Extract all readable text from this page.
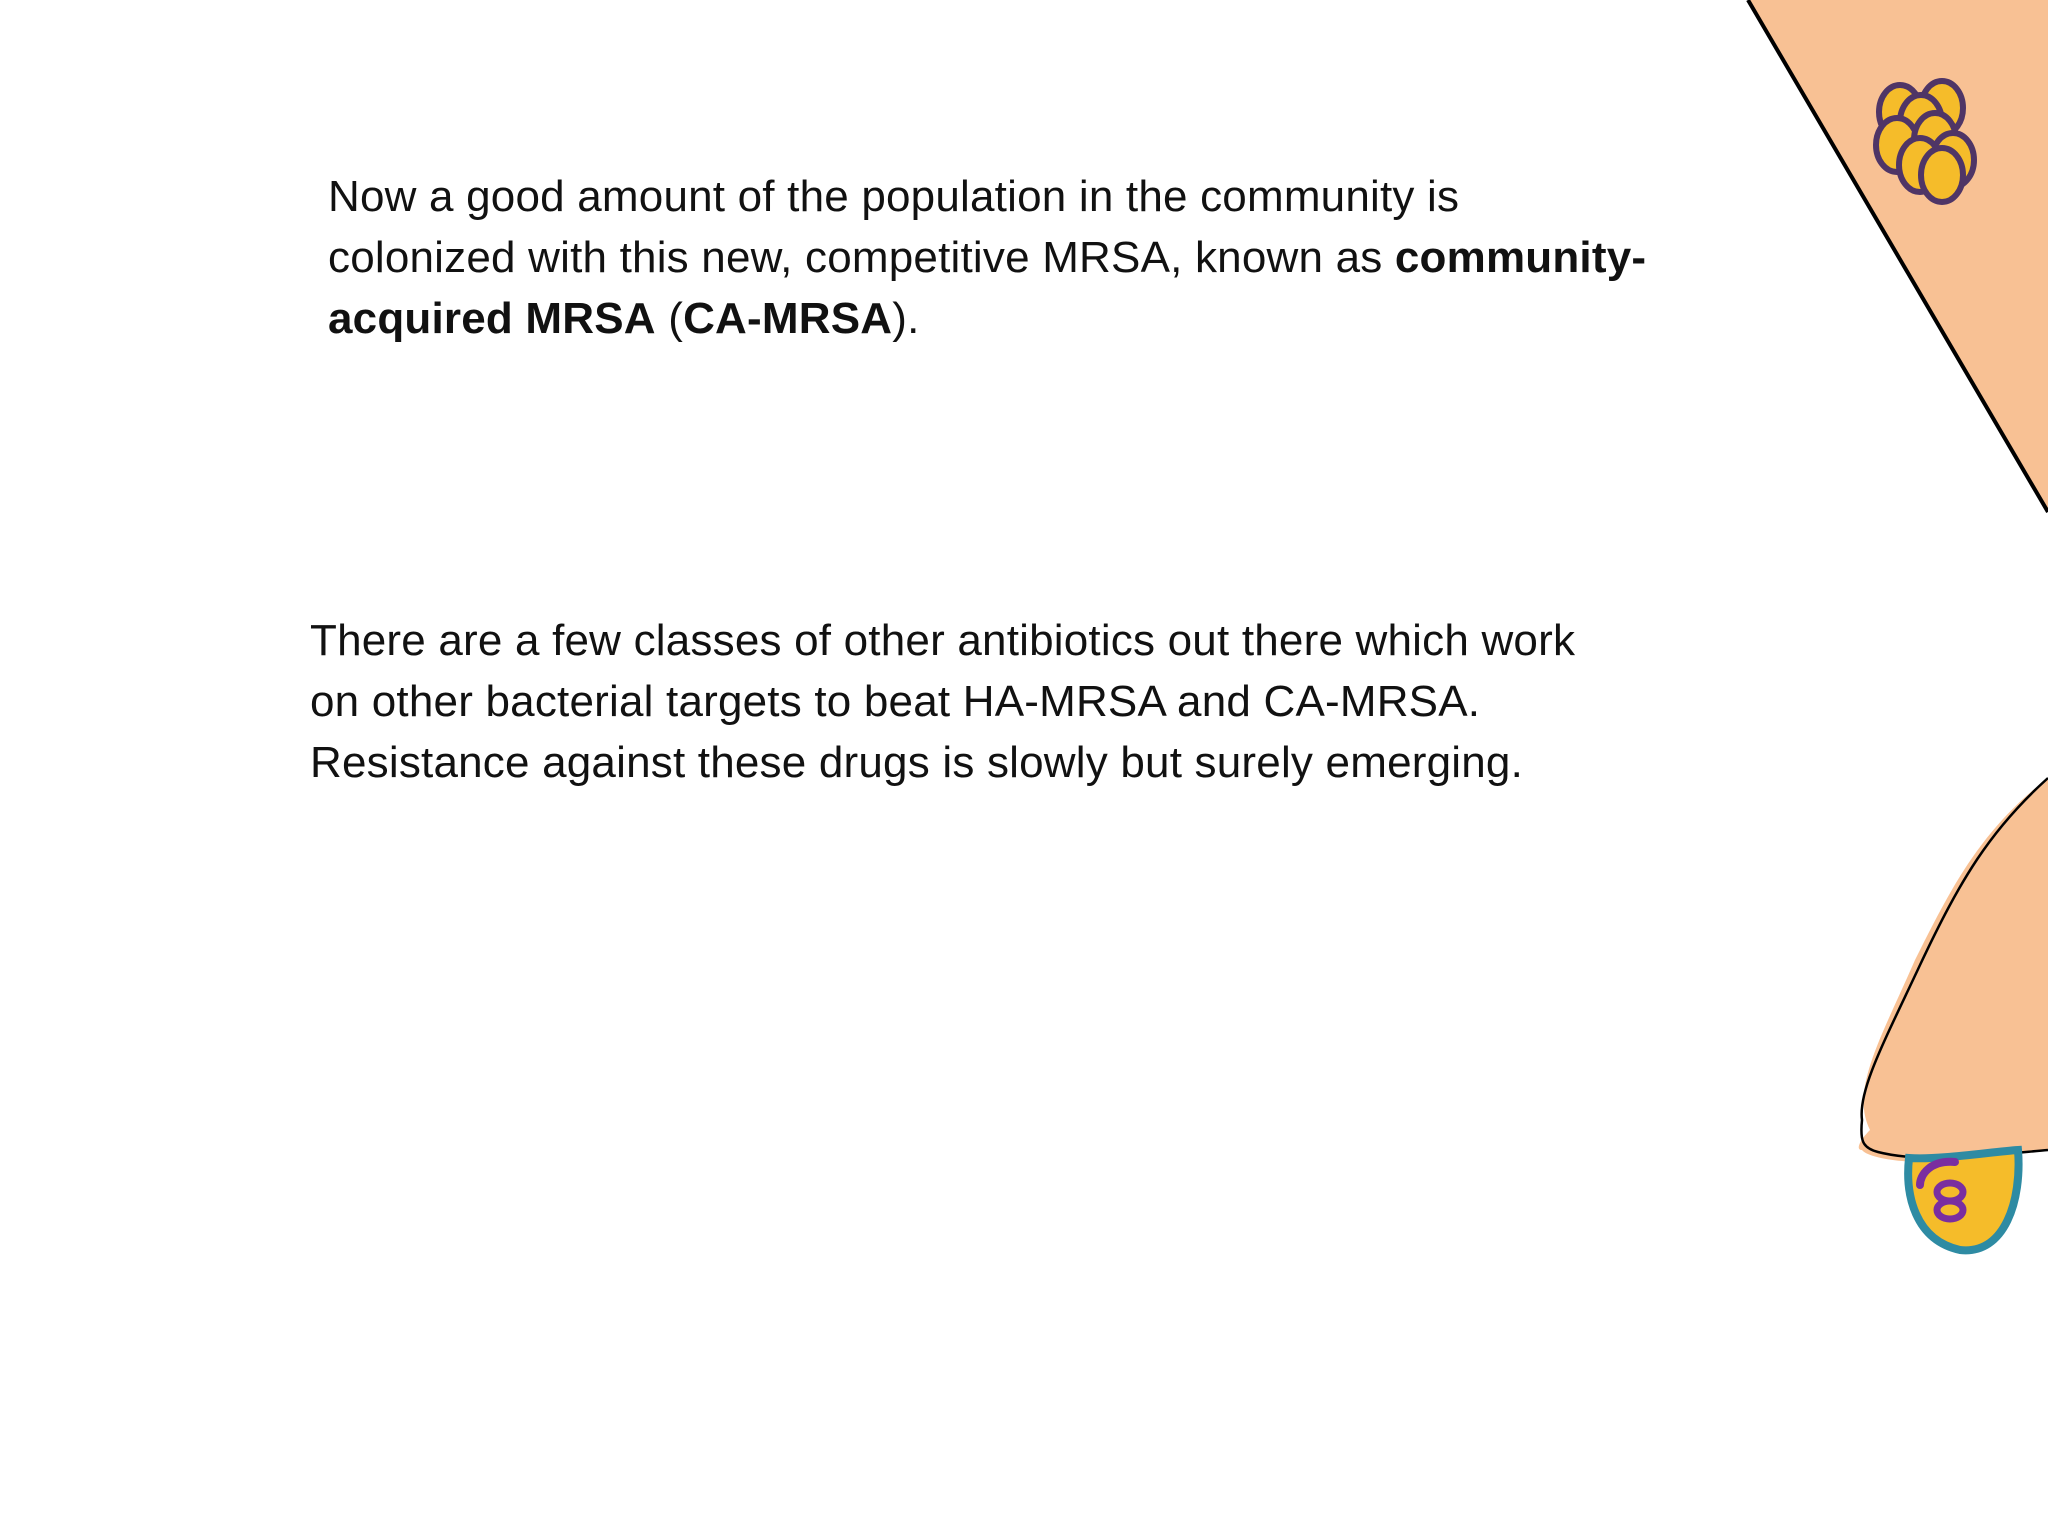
Now a good amount of the population in the community is
colonized with this new, competitive MRSA, known as community-
acquired MRSA (CA-MRSA).
There are a few classes of other antibiotics out there which work
on other bacterial targets to beat HA-MRSA and CA-MRSA.
Resistance against these drugs is slowly but surely emerging.
